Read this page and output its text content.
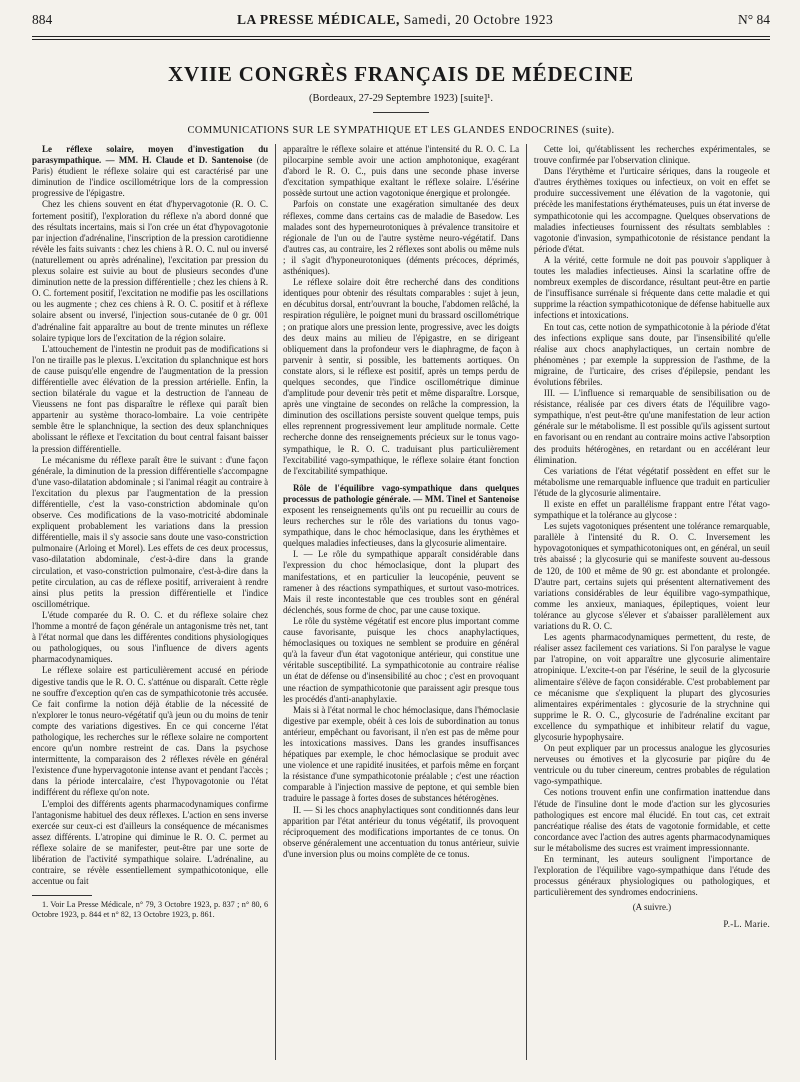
884	LA PRESSE MÉDICALE, Samedi, 20 Octobre 1923	N° 84
XVIIE CONGRÈS FRANÇAIS DE MÉDECINE
(Bordeaux, 27-29 Septembre 1923) [suite]¹.
COMMUNICATIONS SUR LE SYMPATHIQUE ET LES GLANDES ENDOCRINES (suite).

Le réflexe solaire, moyen d'investigation du parasympathique. — MM. H. Claude et D. Santenoise (de Paris) étudient le réflexe solaire qui est caractérisé par une diminution de l'indice oscillométrique lors de la compression progressive de l'épigastre.

Chez les chiens souvent en état d'hypervagotonie (R. O. C. fortement positif), l'exploration du réflexe n'a abord donné que des résultats incertains, mais si l'on crée un état d'hypovagotonie par injection d'adrénaline, l'inscription de la pression carotidienne révèle les faits suivants : chez les chiens à R. O. C. nul ou inversé (naturellement ou après adrénaline), l'excitation par pression du plexus solaire est suivie au bout de plusieurs secondes d'une diminution nette de la pression différentielle ; chez les chiens à R. O. C. fortement positif, l'excitation ne modifie pas les oscillations ou les augmente ; chez ces chiens à R. O. C. positif et à réflexe solaire absent ou inversé, l'injection sous-cutanée de 0 gr. 001 d'adrénaline fait apparaître au bout de trente minutes un réflexe solaire typique lors de l'excitation de la région solaire.

L'attouchement de l'intestin ne produit pas de modifications si l'on ne tiraille pas le plexus. L'excitation du splanchnique est hors de cause puisqu'elle engendre de l'augmentation de la pression différentielle avec élévation de la pression artérielle. Enfin, la section bilatérale du vague et la destruction de l'anneau de Vieussens ne font pas disparaître le réflexe qui paraît bien appartenir au système thoraco-lombaire. La voie centripète semble être le splanchnique, la section des deux splanchniques abolissant le réflexe et l'excitation du bout central faisant baisser la pression différentielle.

Le mécanisme du réflexe paraît être le suivant : d'une façon générale, la diminution de la pression différentielle s'accompagne d'une vaso-dilatation abdominale ; si l'animal réagit au contraire à l'excitation du plexus par l'augmentation de la pression différentielle, c'est la vaso-constriction abdominale qu'on observe. Ces modifications de la vaso-motricité abdominale expliquent probablement les variations dans la pression différentielle, mais il s'y associe sans doute une vaso-constriction pulmonaire (Arloing et Morel). Les effets de ces deux processus, vaso-dilatation abdominale, c'est-à-dire dans la grande circulation, et vaso-constriction pulmonaire, c'est-à-dire dans la petite circulation, au cas de réflexe positif, arriveraient à rendre ainsi plus petits la pression différentielle et l'indice oscillométrique.

L'étude comparée du R. O. C. et du réflexe solaire chez l'homme a montré de façon générale un antagonisme très net, tant à l'état normal que dans les différentes conditions physiologiques ou pathologiques, ou sous l'influence de divers agents pharmacodynamiques.

Le réflexe solaire est particulièrement accusé en période digestive tandis que le R. O. C. s'atténue ou disparaît. Cette règle ne souffre d'exception qu'en cas de sympathicotonie très accusée. Ce fait confirme la notion déjà établie de la nécessité de n'explorer le tonus neuro-végétatif qu'à jeun ou du moins de tenir compte des variations digestives. En ce qui concerne l'état pathologique, les recherches sur le réflexe solaire ne comportent encore qu'un nombre restreint de cas. Dans la psychose intermittente, la comparaison des 2 réflexes révèle en général l'existence d'une hypervagotonie intense avant et pendant l'accès ; dans la période intercalaire, c'est l'hypovagotonie ou l'état indifférent du réflexe qu'on note.

L'emploi des différents agents pharmacodynamiques confirme l'antagonisme habituel des deux réflexes. L'action en sens inverse exercée sur ceux-ci est d'ailleurs la conséquence de mécanismes assez différents. L'atropine qui diminue le R. O. C. permet au réflexe solaire de se manifester, peut-être par une sorte de libération de l'activité sympathique solaire. L'adrénaline, au contraire, se révèle essentiellement sympathicotonique, elle accentue ou fait

1. Voir La Presse Médicale, n° 79, 3 Octobre 1923, p. 837 ; n° 80, 6 Octobre 1923, p. 844 et n° 82, 13 Octobre 1923, p. 861.

apparaître le réflexe solaire et atténue l'intensité du R. O. C. La pilocarpine semble avoir une action amphotonique, exagérant d'abord le R. O. C., puis dans une seconde phase inverse d'excitation sympathique exaltant le réflexe solaire. L'ésérine possède surtout une action vagotonique énergique et prolongée.

Parfois on constate une exagération simultanée des deux réflexes, comme dans certains cas de maladie de Basedow. Les malades sont des hyperneurotoniques à prévalence transitoire et régionale de l'un ou de l'autre système neuro-végétatif. Dans d'autres cas, au contraire, les 2 réflexes sont abolis ou même nuls ; il s'agit d'hyponeurotoniques (déments précoces, déprimés, asthéniques).

Le réflexe solaire doit être recherché dans des conditions identiques pour obtenir des résultats comparables : sujet à jeun, en décubitus dorsal, entr'ouvrant la bouche, l'abdomen relâché, la respiration régulière, le poignet muni du brassard oscillométrique ; on pratique alors une pression lente, progressive, avec les doigts des deux mains au milieu de l'épigastre, en se dirigeant obliquement dans la profondeur vers le diaphragme, de façon à parvenir à sentir, si possible, les battements aortiques. On constate alors, si le réflexe est positif, après un temps perdu de quelques secondes, que l'indice oscillométrique diminue d'amplitude pour devenir très petit et même disparaître. Lorsque, après une vingtaine de secondes on relâche la compression, la diminution des oscillations persiste souvent quelque temps, puis elles reprennent progressivement leur amplitude normale. Cette recherche donne des renseignements précieux sur le tonus vago-sympathique, le R. O. C. traduisant plus particulièrement l'excitabilité vago-sympathique, le réflexe solaire étant fonction de l'excitabilité sympathique.

Rôle de l'équilibre vago-sympathique dans quelques processus de pathologie générale. — MM. Tinel et Santenoise exposent les renseignements qu'ils ont pu recueillir au cours de leurs recherches sur le rôle des variations du tonus vago-sympathique, dans le choc hémoclasique, dans les érythèmes et quelques maladies infectieuses, dans la glycosurie alimentaire.

I. — Le rôle du sympathique apparaît considérable dans l'expression du choc hémoclasique, dont la plupart des manifestations, et en particulier la leucopénie, peuvent se ramener à des réactions sympathiques, et surtout vaso-motrices. Mais il reste incontestable que ces troubles sont en général déclenchés, sous forme de choc, par une cause toxique.

Le rôle du système végétatif est encore plus important comme cause favorisante, puisque les chocs anaphylactiques, hémoclasiques ou toxiques ne semblent se produire en général qu'à la faveur d'un état vagotonique antérieur, qui constitue une véritable susceptibilité. La sympathicotonie au contraire réalise un état de défense ou d'insensibilité au choc ; c'est en provoquant une réaction de sympathicotonie que paraissent agir presque tous les procédés d'anti-anaphylaxie.

Mais si à l'état normal le choc hémoclasique, dans l'hémoclasie digestive par exemple, obéit à ces lois de subordination au tonus antérieur, empêchant ou favorisant, il n'en est pas de même pour les intoxications massives. Dans les grandes insuffisances hépatiques par exemple, le choc hémoclasique se produit avec une violence et une rapidité inusitées, et parfois même en forçant la résistance d'une sympathicotonie préalable ; c'est une réaction comparable à l'injection massive de peptone, et qui semble bien traduire le passage à fortes doses de substances hétérogènes.

II. — Si les chocs anaphylactiques sont conditionnés dans leur apparition par l'état antérieur du tonus végétatif, ils provoquent réciproquement des modifications importantes de ce tonus. On observe généralement une accentuation du tonus antérieur, suivie d'une inversion plus ou moins complète de ce tonus.

Cette loi, qu'établissent les recherches expérimentales, se trouve confirmée par l'observation clinique.

Dans l'érythème et l'urticaire sériques, dans la rougeole et d'autres érythèmes toxiques ou infectieux, on voit en effet se produire successivement une élévation de la vagotonie, qui précède les manifestations érythémateuses, puis un état inverse de sympathicotonie qui les accompagne. Quelques observations de maladies infectieuses fournissent des résultats semblables : vagotonie d'invasion, sympathicotonie de résistance pendant la période d'état.

A la vérité, cette formule ne doit pas pouvoir s'appliquer à toutes les maladies infectieuses. Ainsi la scarlatine offre de nombreux exemples de discordance, résultant peut-être en partie de l'insuffisance surrénale si fréquente dans cette maladie et qui supprime la réaction sympathicotonique de défense habituelle aux infections et intoxications.

En tout cas, cette notion de sympathicotonie à la période d'état des infections explique sans doute, par l'insensibilité qu'elle réalise aux chocs anaphylactiques, un certain nombre de phénomènes ; par exemple la suppression de l'asthme, de la migraine, de l'urticaire, des crises d'épilepsie, pendant les évolutions fébriles.

III. — L'influence si remarquable de sensibilisation ou de résistance, réalisée par ces divers états de l'équilibre vago-sympathique, n'est peut-être qu'une manifestation de leur action générale sur le métabolisme. Il est possible qu'ils agissent surtout en favorisant ou en rendant au contraire moins active l'absorption des produits hétérogènes, en retardant ou en accélérant leur élimination.

Ces variations de l'état végétatif possèdent en effet sur le métabolisme une remarquable influence que traduit en particulier l'étude de la glycosurie alimentaire.

Il existe en effet un parallélisme frappant entre l'état vago-sympathique et la tolérance au glycose :

Les sujets vagotoniques présentent une tolérance remarquable, parallèle à l'intensité du R. O. C. Inversement les hypovagotoniques et sympathicotoniques ont, en général, un seuil très abaissé ; la glycosurie qui se manifeste souvent au-dessous de 120, de 100 et même de 90 gr. est abondante et prolongée. D'autre part, certains sujets qui présentent alternativement des variations considérables de leur équilibre vago-sympathique, comme les anxieux, maniaques, épileptiques, voient leur tolérance au glycose s'élever et s'abaisser parallèlement aux variations du R. O. C.

Les agents pharmacodynamiques permettent, du reste, de réaliser assez facilement ces variations. Si l'on paralyse le vague par l'atropine, on voit apparaître une glycosurie alimentaire atropinique. L'excite-t-on par l'ésérine, le seuil de la glycosurie alimentaire s'élève de façon considérable. C'est probablement par ce mécanisme que s'expliquent la plupart des glycosuries alimentaires expérimentales : glycosurie de la strychnine qui supprime le R. O. C., glycosurie de l'adrénaline excitant par excellence du sympathique et inhibiteur relatif du vague, glycosurie hypophysaire.

On peut expliquer par un processus analogue les glycosuries nerveuses ou émotives et la glycosurie par piqûre du 4e ventricule ou du tuber cinereum, centres probables de régulation vago-sympathique.

Ces notions trouvent enfin une confirmation inattendue dans l'étude de l'insuline dont le mode d'action sur les glycosuries pathologiques est encore mal élucidé. En tout cas, cet extrait pancréatique réalise des états de vagotonie formidable, et cette concordance avec l'action des autres agents pharmacodynamiques sur le métabolisme des sucres est vraiment impressionnante.

En terminant, les auteurs soulignent l'importance de l'exploration de l'équilibre vago-sympathique dans l'étude des processus généraux physiologiques ou pathologiques, et particulièrement des syndromes endocriniens.

(A suivre.)
P.-L. Marie.
